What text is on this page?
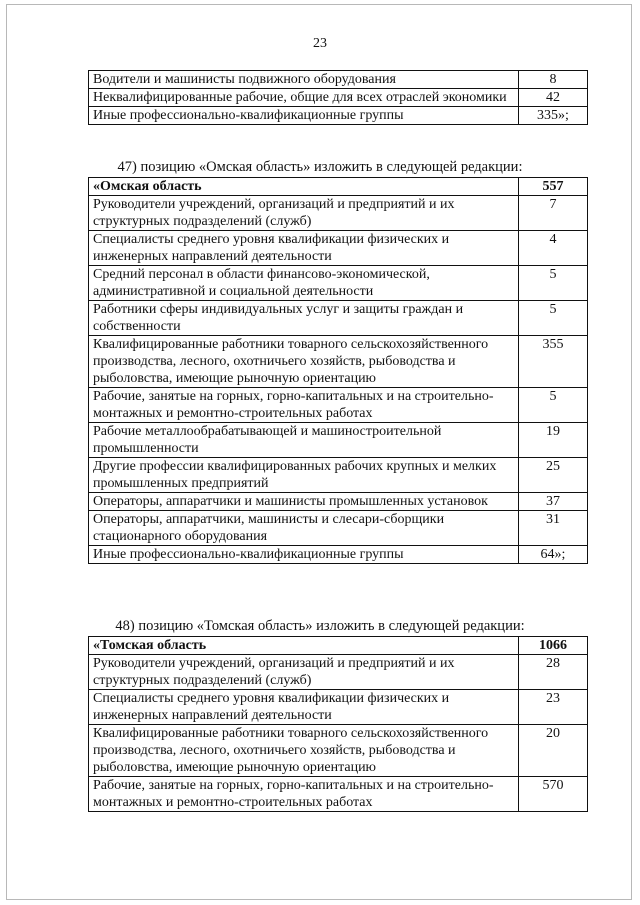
23
Водители и машинисты подвижного оборудования	8
Неквалифицированные рабочие, общие для всех отраслей экономики	42
Иные профессионально-квалификационные группы	335»;
47) позицию «Омская область» изложить в следующей редакции:
«Омская область	557
Руководители учреждений, организаций и предприятий и их структурных подразделений (служб)	7
Специалисты среднего уровня квалификации физических и инженерных направлений деятельности	4
Средний персонал в области финансово-экономической, административной и социальной деятельности	5
Работники сферы индивидуальных услуг и защиты граждан и собственности	5
Квалифицированные работники товарного сельскохозяйственного производства, лесного, охотничьего хозяйств, рыбоводства и рыболовства, имеющие рыночную ориентацию	355
Рабочие, занятые на горных, горно-капитальных и на строительно-монтажных и ремонтно-строительных работах	5
Рабочие металлообрабатывающей и машиностроительной промышленности	19
Другие профессии квалифицированных рабочих крупных и мелких промышленных предприятий	25
Операторы, аппаратчики и машинисты промышленных установок	37
Операторы, аппаратчики, машинисты и слесари-сборщики стационарного оборудования	31
Иные профессионально-квалификационные группы	64»;
48) позицию «Томская область» изложить в следующей редакции:
«Томская область	1066
Руководители учреждений, организаций и предприятий и их структурных подразделений (служб)	28
Специалисты среднего уровня квалификации физических и инженерных направлений деятельности	23
Квалифицированные работники товарного сельскохозяйственного производства, лесного, охотничьего хозяйств, рыбоводства и рыболовства, имеющие рыночную ориентацию	20
Рабочие, занятые на горных, горно-капитальных и на строительно-монтажных и ремонтно-строительных работах	570
